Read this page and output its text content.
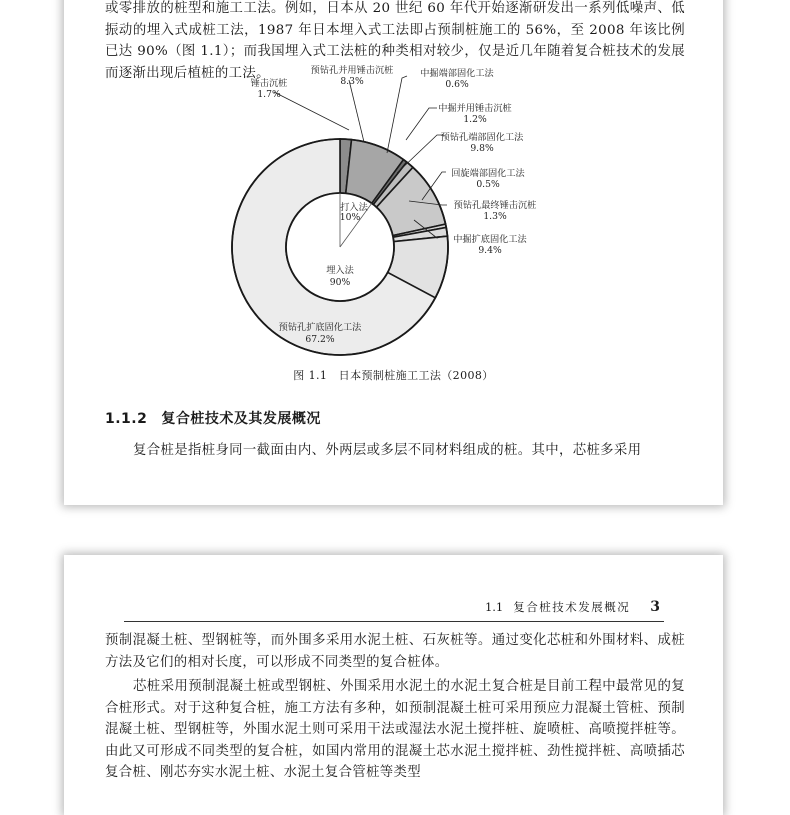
或零排放的桩型和施工工法。例如，日本从 20 世纪 60 年代开始逐渐研发出一系列低噪声、低振动的埋入式成桩工法，1987 年日本埋入式工法即占预制桩施工的 56%，至 2008 年该比例已达 90%（图 1.1）；而我国埋入式工法桩的种类相对较少，仅是近几年随着复合桩技术的发展而逐渐出现后植桩的工法。

打入法
10%
埋入法
90%
锤击沉桩
1.7%
预钻孔并用锤击沉桩
8.3%
中掘端部固化工法
0.6%
中掘并用锤击沉桩
1.2%
预钻孔端部固化工法
9.8%
回旋端部固化工法
0.5%
预钻孔最终锤击沉桩
1.3%
中掘扩底固化工法
9.4%
预钻孔扩底固化工法
67.2%
图 1.1　日本预制桩施工工法（2008）
1.1.2 复合桩技术及其发展概况

复合桩是指桩身同一截面由内、外两层或多层不同材料组成的桩。其中，芯桩多采用

1.1 复合桩技术发展概况 3

预制混凝土桩、型钢桩等，而外围多采用水泥土桩、石灰桩等。通过变化芯桩和外围材料、成桩方法及它们的相对长度，可以形成不同类型的复合桩体。

芯桩采用预制混凝土桩或型钢桩、外围采用水泥土的水泥土复合桩是目前工程中最常见的复合桩形式。对于这种复合桩，施工方法有多种，如预制混凝土桩可采用预应力混凝土管桩、预制混凝土桩、型钢桩等，外围水泥土则可采用干法或湿法水泥土搅拌桩、旋喷桩、高喷搅拌桩等。由此又可形成不同类型的复合桩，如国内常用的混凝土芯水泥土搅拌桩、劲性搅拌桩、高喷插芯复合桩、刚芯夯实水泥土桩、水泥土复合管桩等类型
